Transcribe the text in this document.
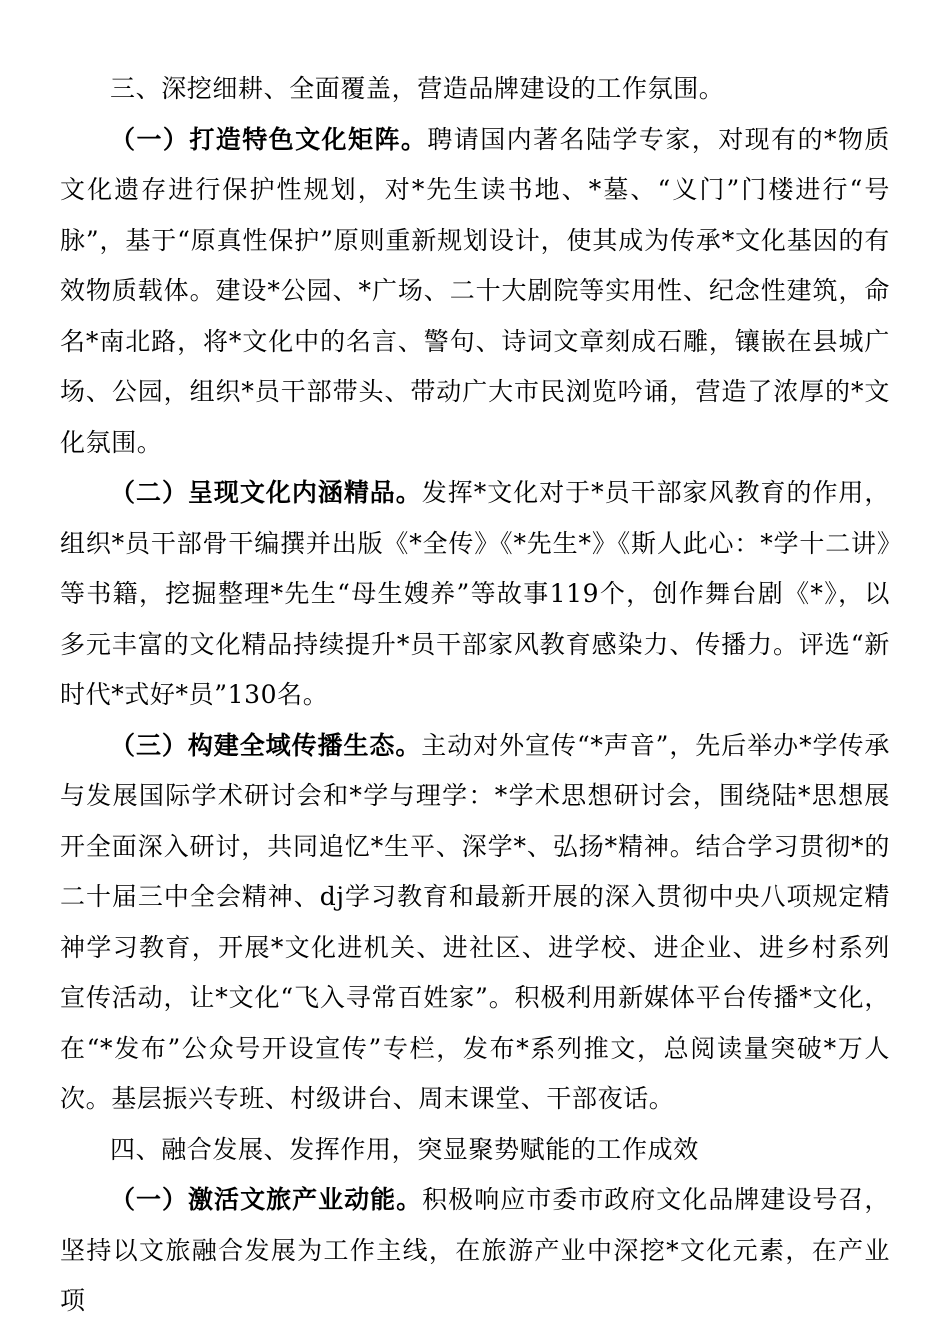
三、深挖细耕、全面覆盖，营造品牌建设的工作氛围。

（一）打造特色文化矩阵。聘请国内著名陆学专家，对现有的*物质文化遗存进行保护性规划，对*先生读书地、*墓、“义门”门楼进行“号脉”，基于“原真性保护”原则重新规划设计，使其成为传承*文化基因的有效物质载体。建设*公园、*广场、二十大剧院等实用性、纪念性建筑，命名*南北路，将*文化中的名言、警句、诗词文章刻成石雕，镶嵌在县城广场、公园，组织*员干部带头、带动广大市民浏览吟诵，营造了浓厚的*文化氛围。

（二）呈现文化内涵精品。发挥*文化对于*员干部家风教育的作用，组织*员干部骨干编撰并出版《*全传》《*先生*》《斯人此心：*学十二讲》等书籍，挖掘整理*先生“母生嫂养”等故事119个，创作舞台剧《*》，以多元丰富的文化精品持续提升*员干部家风教育感染力、传播力。评选“新时代*式好*员”130名。

（三）构建全域传播生态。主动对外宣传“*声音”，先后举办*学传承与发展国际学术研讨会和*学与理学：*学术思想研讨会，围绕陆*思想展开全面深入研讨，共同追忆*生平、深学*、弘扬*精神。结合学习贯彻*的二十届三中全会精神、dj学习教育和最新开展的深入贯彻中央八项规定精神学习教育，开展*文化进机关、进社区、进学校、进企业、进乡村系列宣传活动，让*文化“飞入寻常百姓家”。积极利用新媒体平台传播*文化，在“*发布”公众号开设宣传”专栏，发布*系列推文，总阅读量突破*万人次。基层振兴专班、村级讲台、周末课堂、干部夜话。

四、融合发展、发挥作用，突显聚势赋能的工作成效

（一）激活文旅产业动能。积极响应市委市政府文化品牌建设号召，坚持以文旅融合发展为工作主线，在旅游产业中深挖*文化元素，在产业项
